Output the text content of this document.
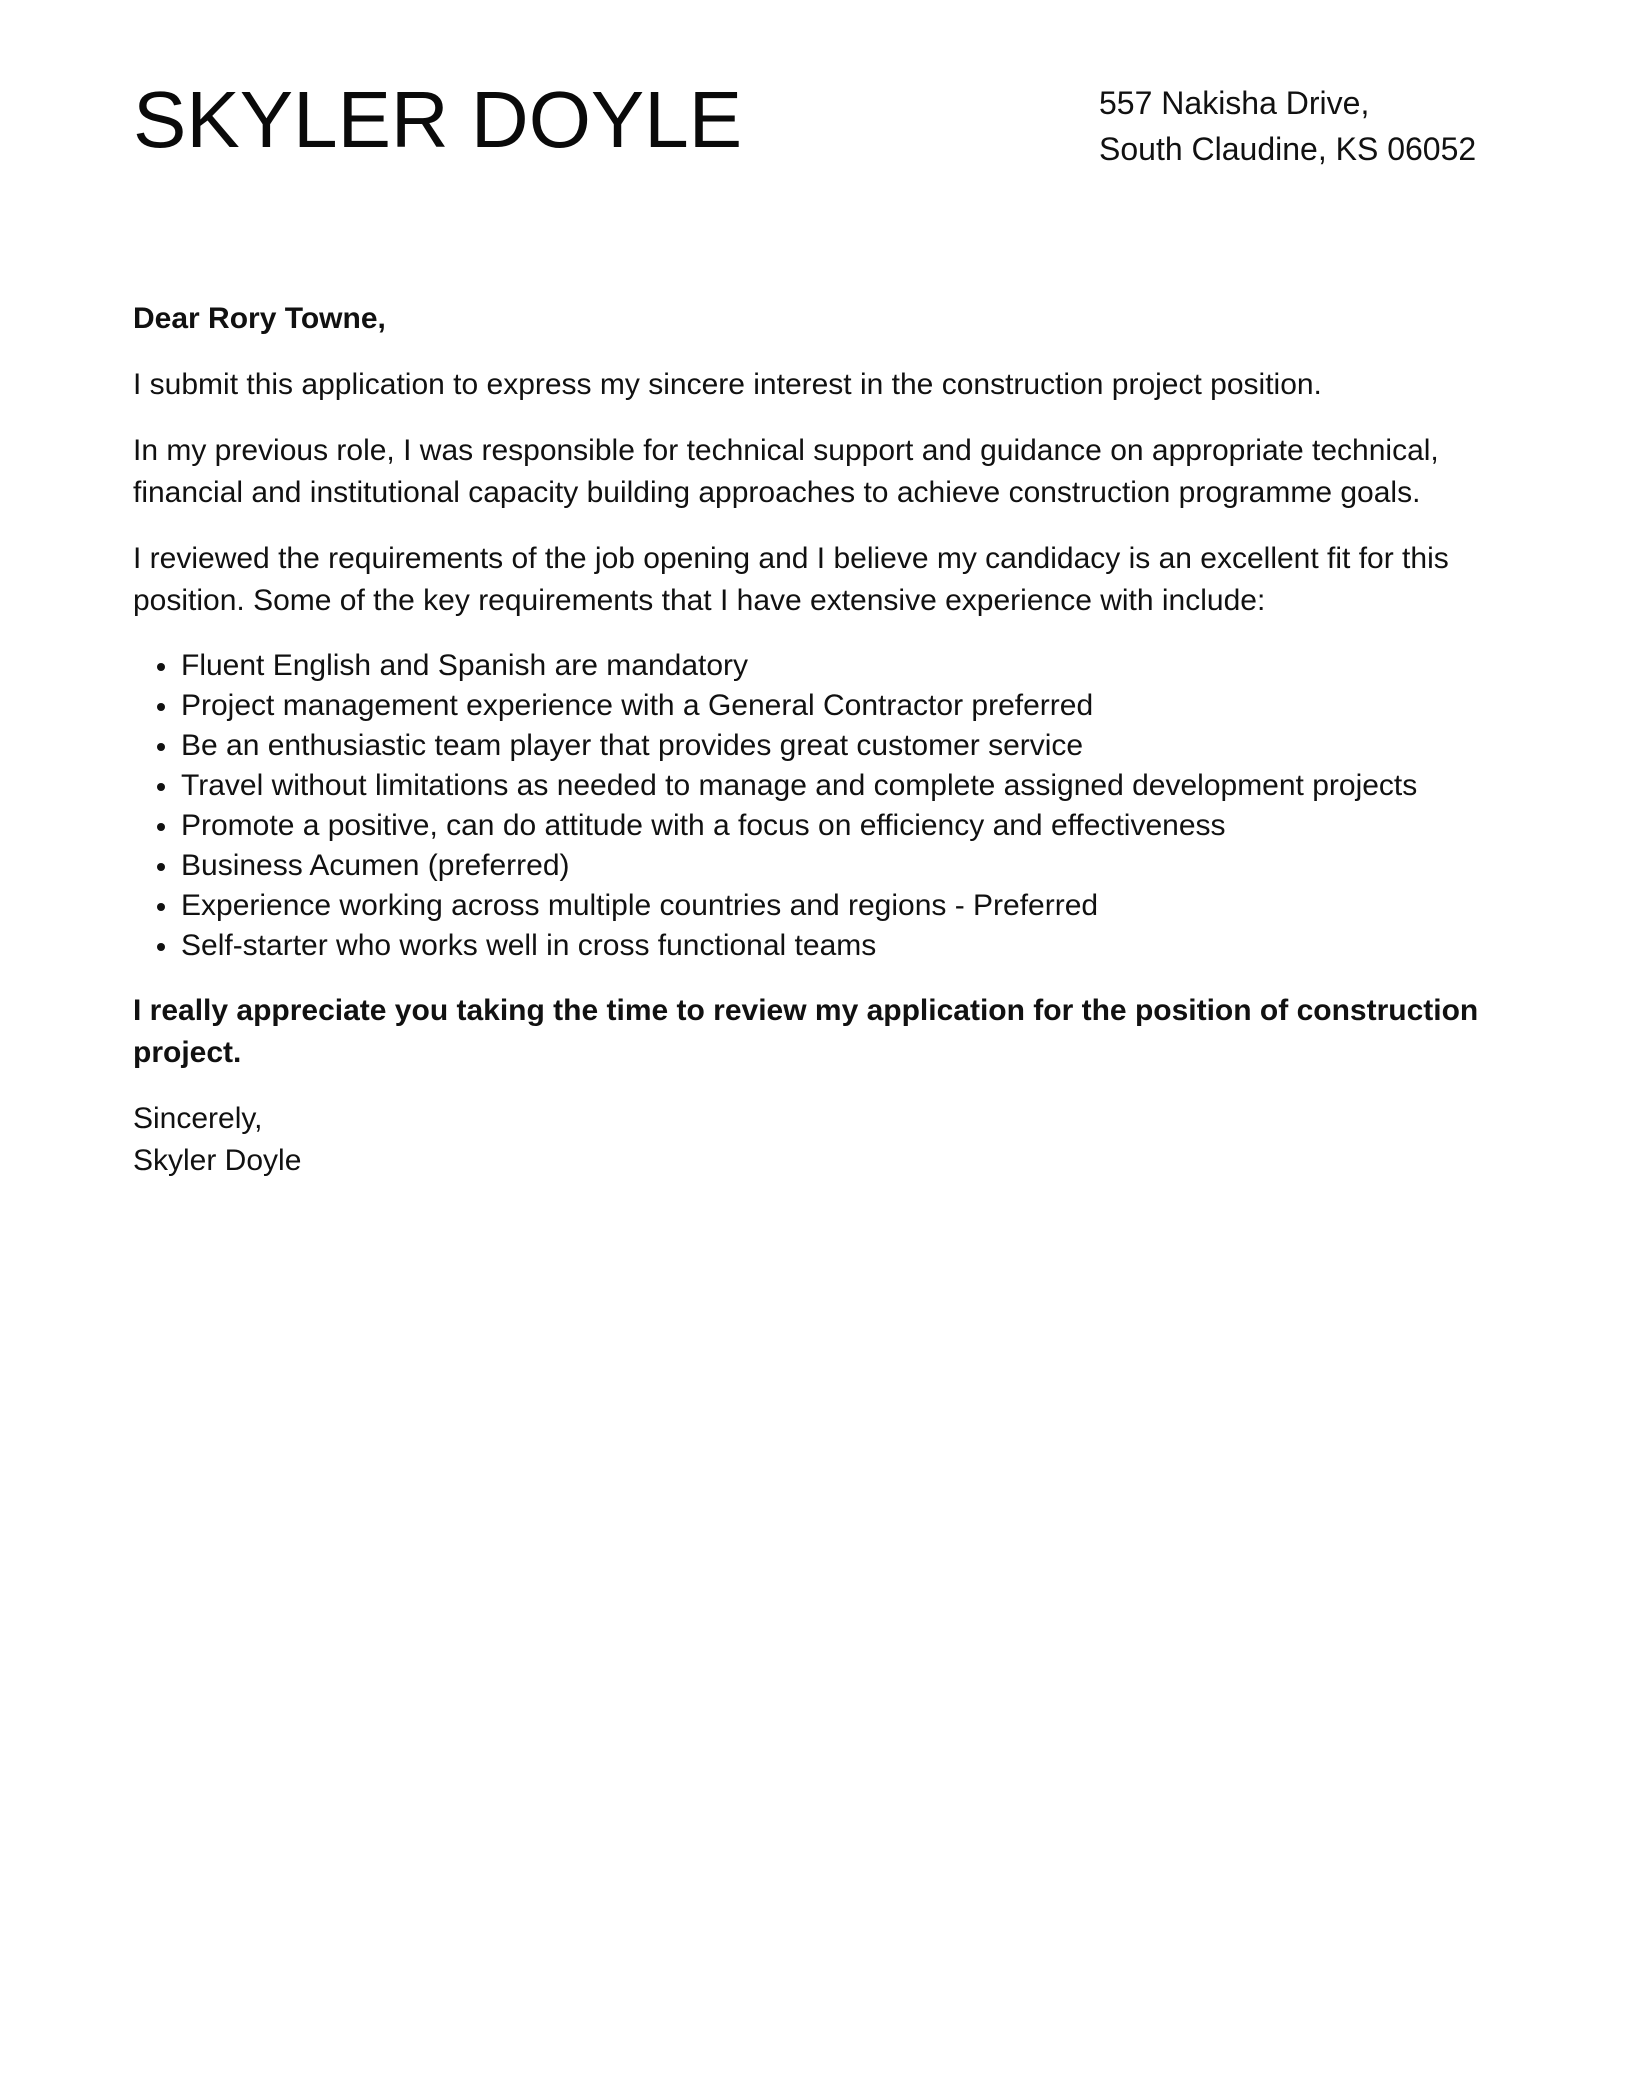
SKYLER DOYLE	557 Nakisha Drive,
South Claudine, KS 06052

Dear Rory Towne,

I submit this application to express my sincere interest in the construction project position.

In my previous role, I was responsible for technical support and guidance on appropriate technical, financial and institutional capacity building approaches to achieve construction programme goals.

I reviewed the requirements of the job opening and I believe my candidacy is an excellent fit for this position. Some of the key requirements that I have extensive experience with include:

Fluent English and Spanish are mandatory
Project management experience with a General Contractor preferred
Be an enthusiastic team player that provides great customer service
Travel without limitations as needed to manage and complete assigned development projects
Promote a positive, can do attitude with a focus on efficiency and effectiveness
Business Acumen (preferred)
Experience working across multiple countries and regions - Preferred
Self-starter who works well in cross functional teams

I really appreciate you taking the time to review my application for the position of construction project.

Sincerely,
Skyler Doyle
